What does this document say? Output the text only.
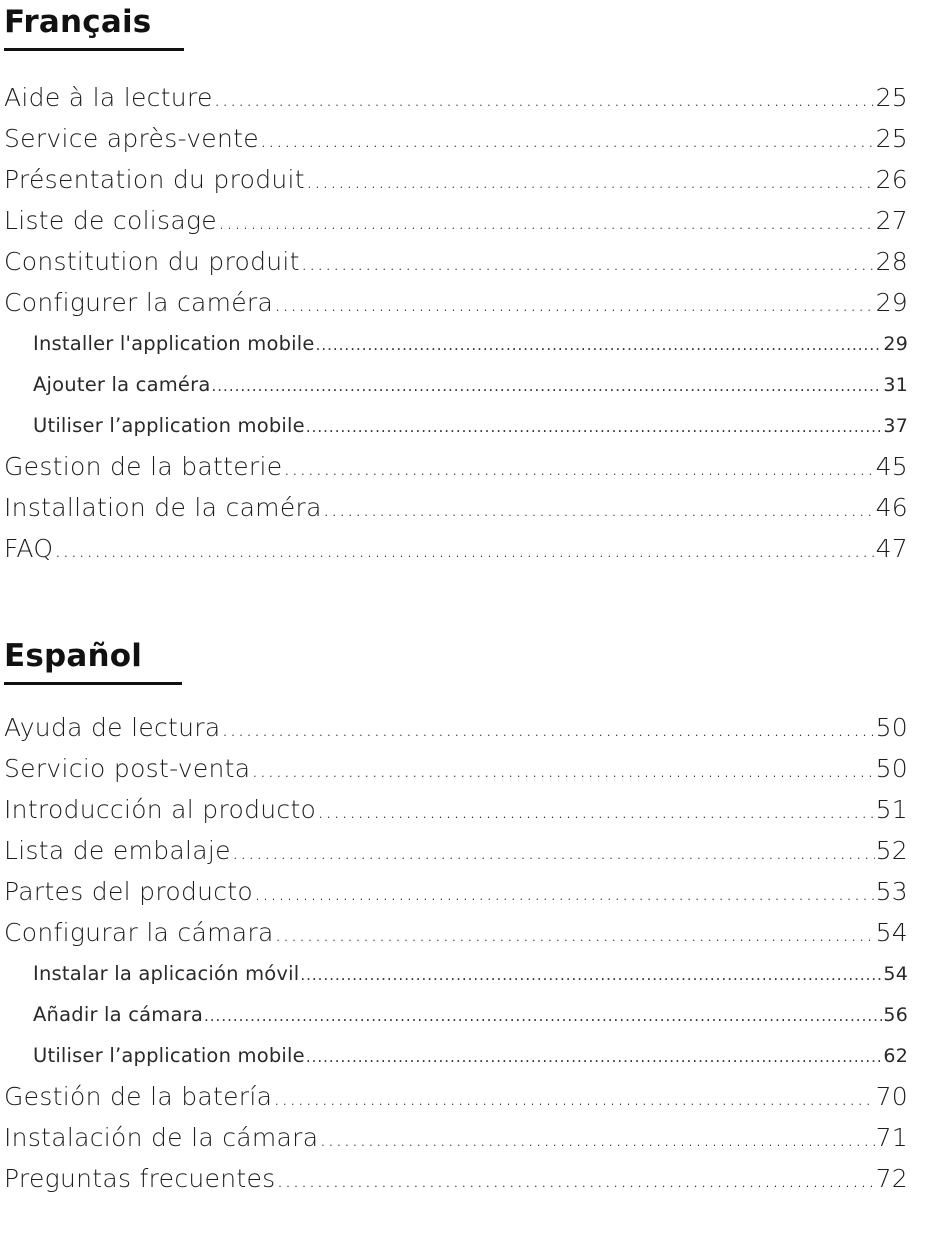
Français
Aide à la lecture .....	25
Service après-vente .....	25
Présentation du produit .....	26
Liste de colisage .....	27
Constitution du produit .....	28
Configurer la caméra .....	29
Installer l'application mobile .....	29
Ajouter la caméra .....	31
Utiliser l’application mobile .....	37
Gestion de la batterie .....	45
Installation de la caméra .....	46
FAQ .....	47
Español
Ayuda de lectura .....	50
Servicio post-venta .....	50
Introducción al producto .....	51
Lista de embalaje .....	52
Partes del producto .....	53
Configurar la cámara .....	54
Instalar la aplicación móvil .....	54
Añadir la cámara .....	56
Utiliser l’application mobile .....	62
Gestión de la batería .....	70
Instalación de la cámara .....	71
Preguntas frecuentes .....	72
